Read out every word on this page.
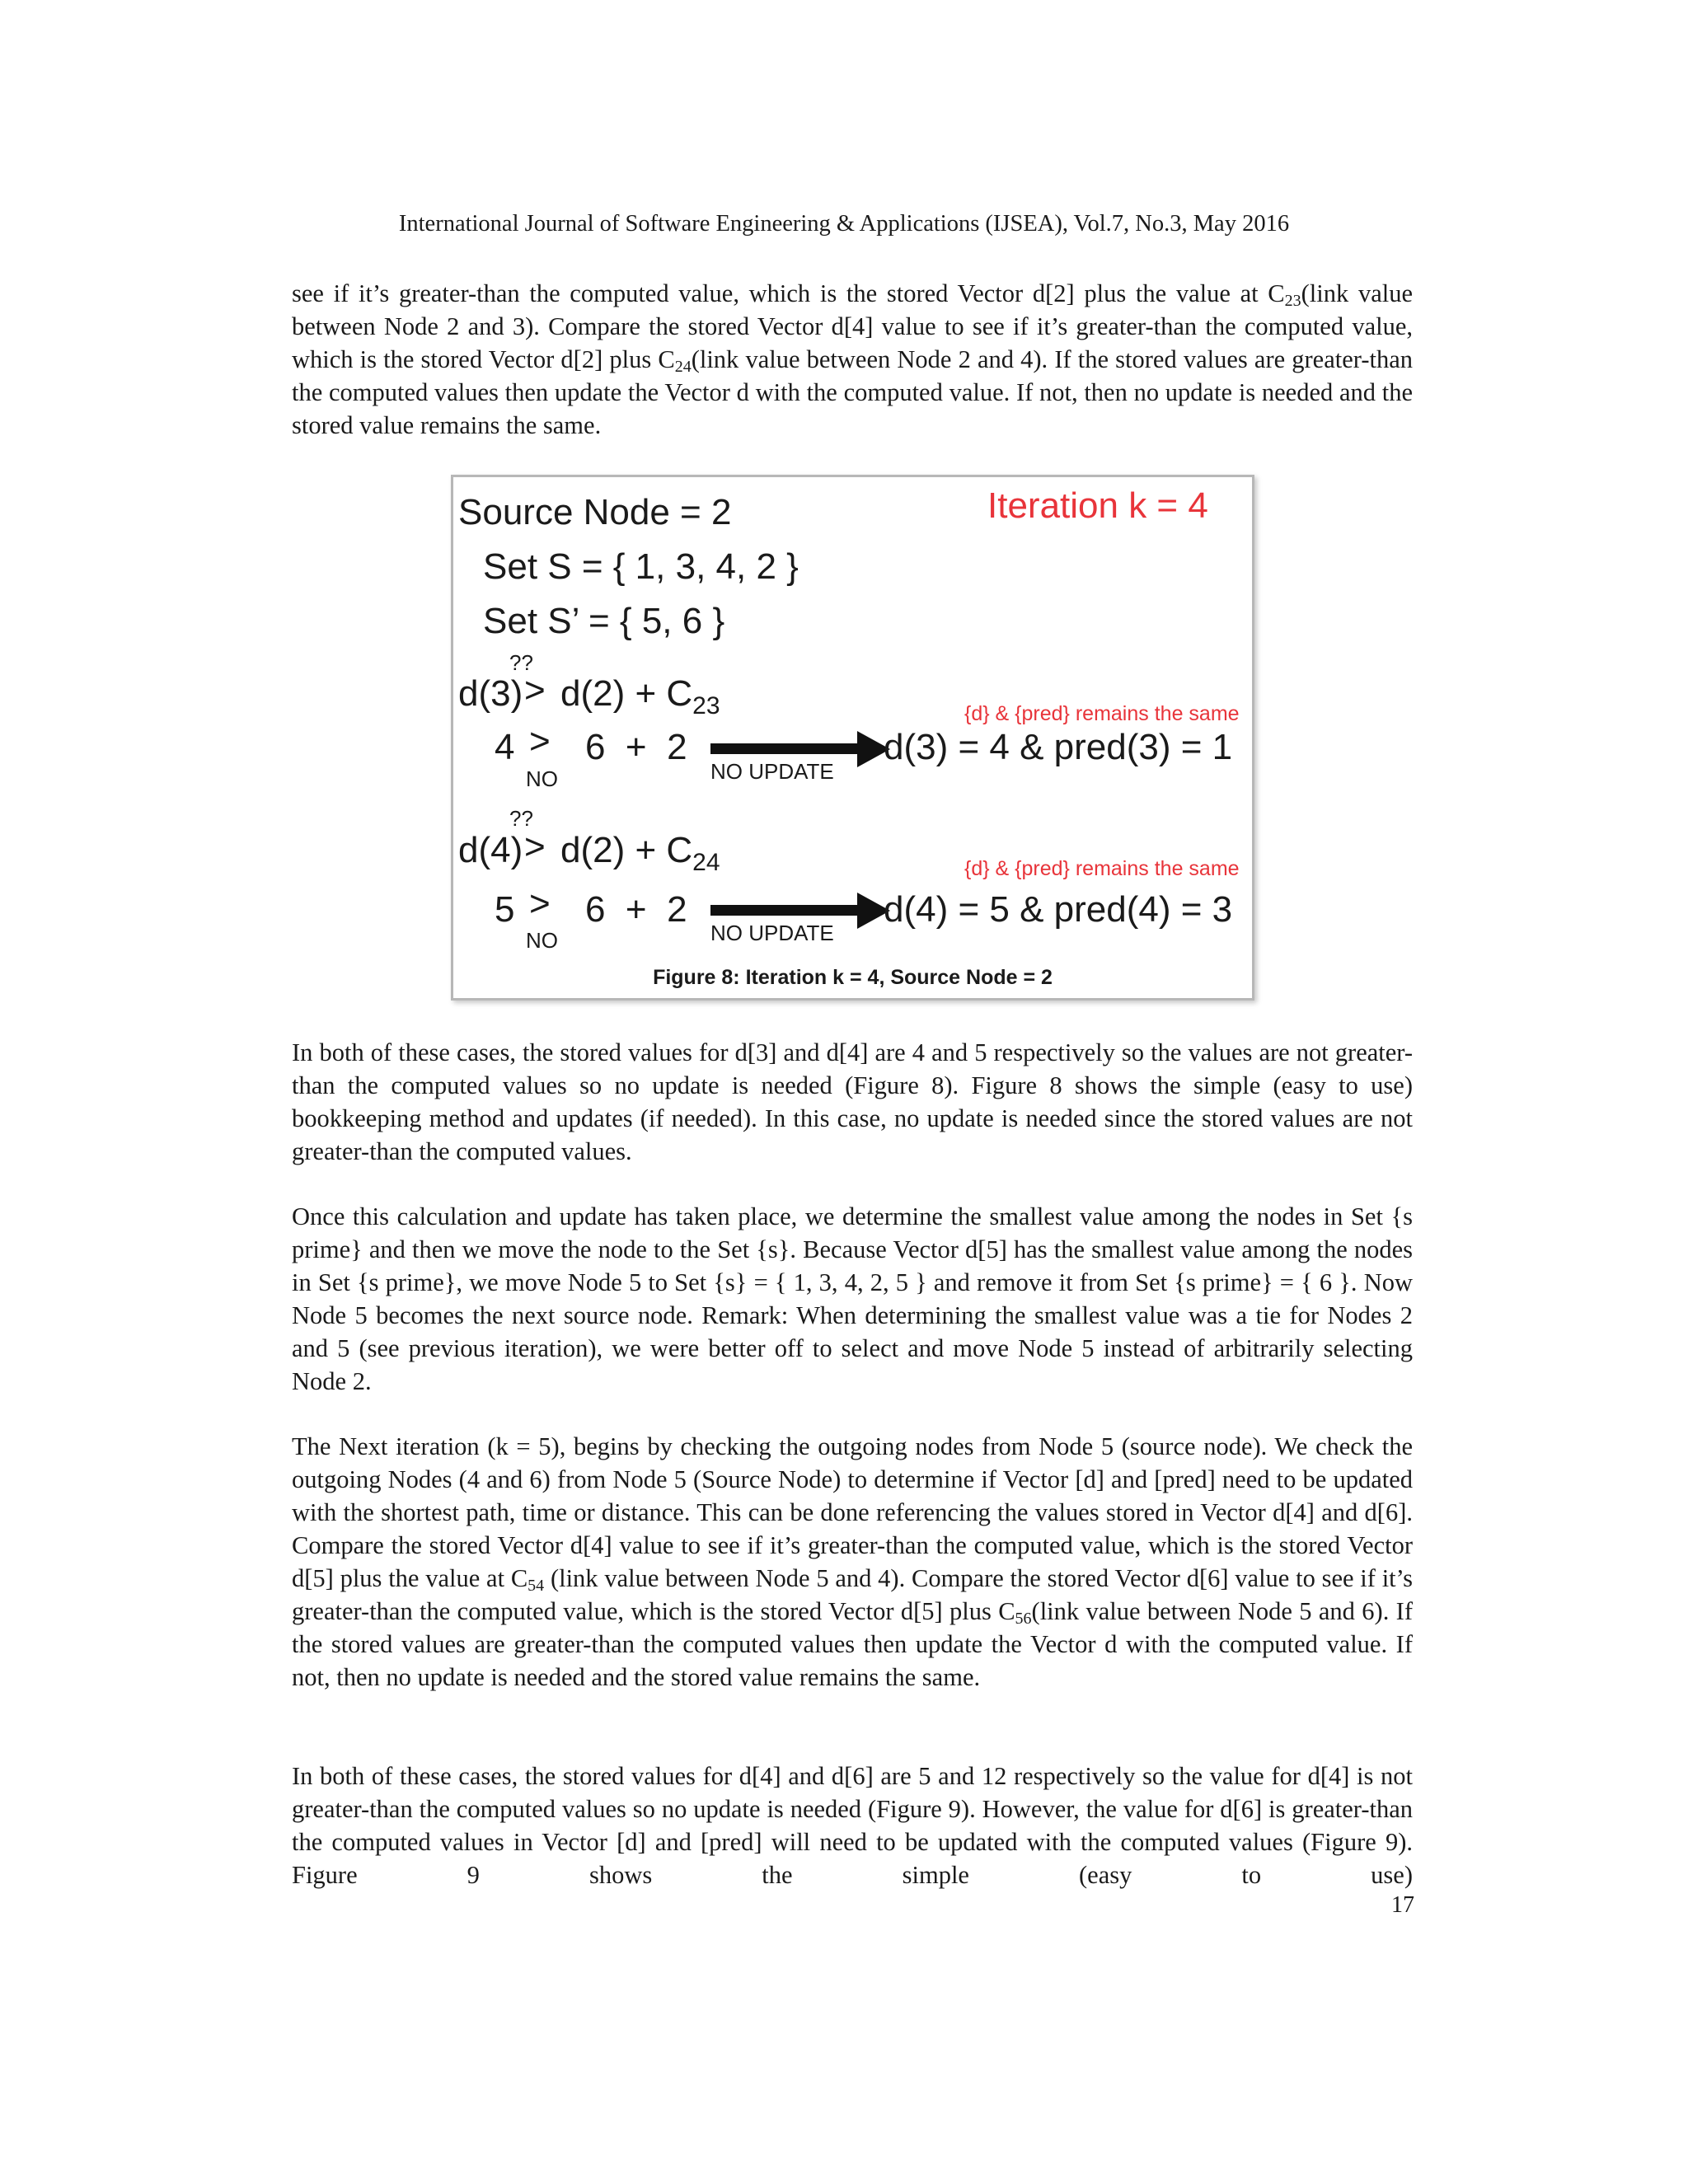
International Journal of Software Engineering & Applications (IJSEA), Vol.7, No.3, May 2016

see if it’s greater-than the computed value, which is the stored Vector d[2] plus the value at $C_{23}(link$ value between Node 2 and 3). Compare the stored Vector d[4] value to see if it’s greater-than the computed value, which is the stored Vector d[2] plus $C_{24}(link$ value between Node 2 and 4). If the stored values are greater-than the computed values then update the Vector d with the computed value. If not, then no update is needed and the stored value remains the same.

Source Node = 2	Iteration k = 4
Set S = { 1, 3, 4, 2 }
Set S’ = { 5, 6 }
??
$d(3) > d(2) + C_{23}$	{d} & {pred} remains the same
4 > 6  +  2
NO	NO UPDATE
d(3) = 4 & pred(3) = 1
??
$d(4) > d(2) + C_{24}$	{d} & {pred} remains the same
5 > 6  +  2
NO	NO UPDATE
d(4) = 5 & pred(4) = 3
Figure 8: Iteration k = 4, Source Node = 2

In both of these cases, the stored values for d[3] and d[4] are 4 and 5 respectively so the values are not greater-than the computed values so no update is needed (Figure 8). Figure 8 shows the simple (easy to use) bookkeeping method and updates (if needed). In this case, no update is needed since the stored values are not greater-than the computed values.

Once this calculation and update has taken place, we determine the smallest value among the nodes in Set {s prime} and then we move the node to the Set {s}. Because Vector d[5] has the smallest value among the nodes in Set {s prime}, we move Node 5 to Set {s} = { 1, 3, 4, 2, 5 } and remove it from Set {s prime} = { 6 }. Now Node 5 becomes the next source node. Remark: When determining the smallest value was a tie for Nodes 2 and 5 (see previous iteration), we were better off to select and move Node 5 instead of arbitrarily selecting Node 2.

The Next iteration (k = 5), begins by checking the outgoing nodes from Node 5 (source node). We check the outgoing Nodes (4 and 6) from Node 5 (Source Node) to determine if Vector [d] and [pred] need to be updated with the shortest path, time or distance. This can be done referencing the values stored in Vector d[4] and d[6]. Compare the stored Vector d[4] value to see if it’s greater-than the computed value, which is the stored Vector d[5] plus the value at $C_{54}$ (link value between Node 5 and 4). Compare the stored Vector d[6] value to see if it’s greater-than the computed value, which is the stored Vector d[5] plus $C_{56}(link$ value between Node 5 and 6). If the stored values are greater-than the computed values then update the Vector d with the computed value. If not, then no update is needed and the stored value remains the same.

In both of these cases, the stored values for d[4] and d[6] are 5 and 12 respectively so the value for d[4] is not greater-than the computed values so no update is needed (Figure 9). However, the value for d[6] is greater-than the computed values in Vector [d] and [pred] will need to be updated with the computed values (Figure 9). Figure 9 shows the simple (easy to use)

17
